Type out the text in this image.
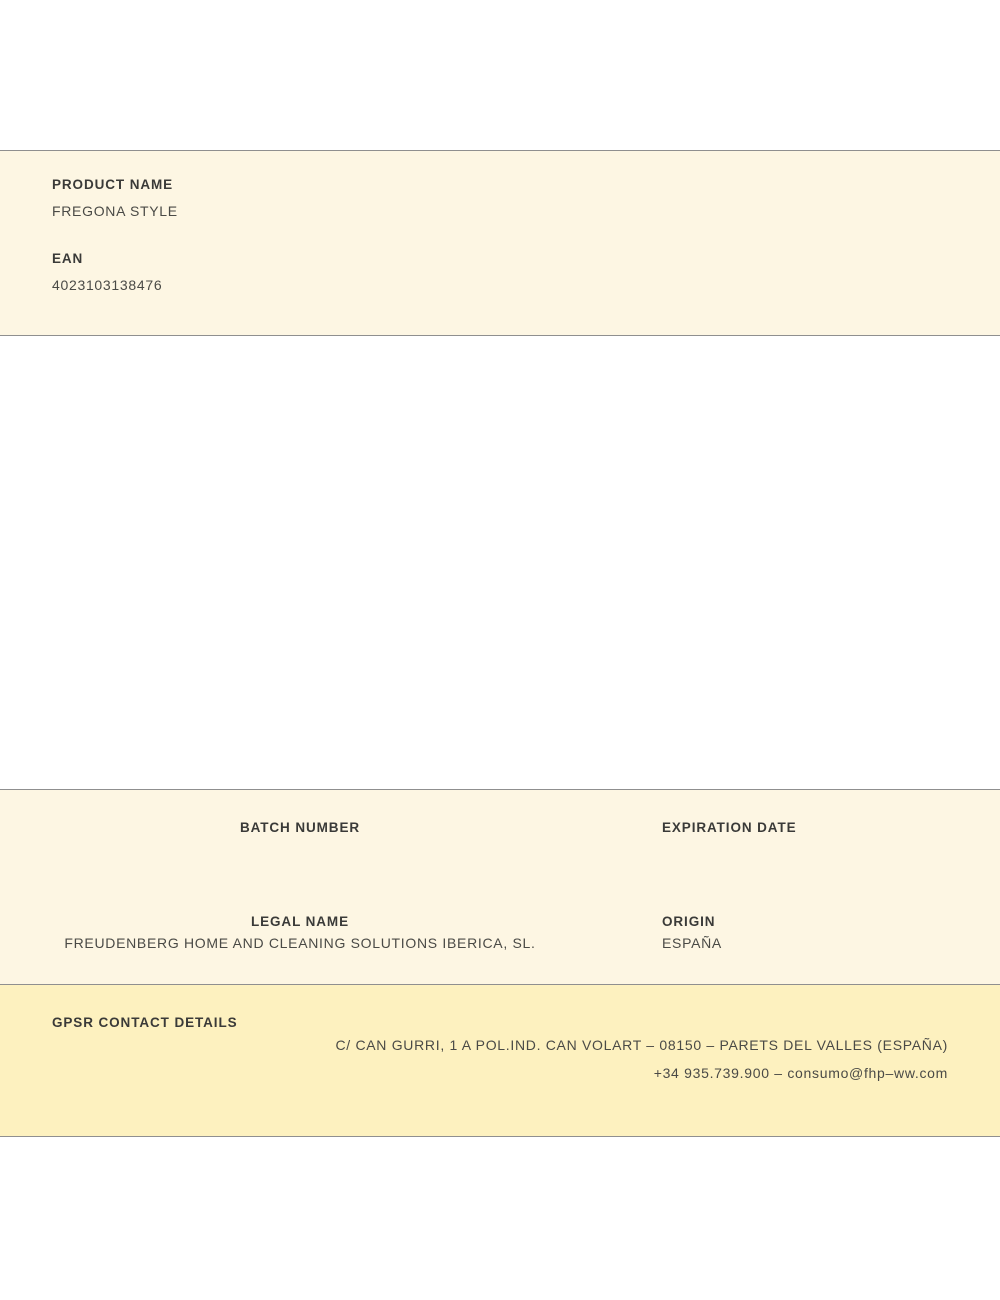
PRODUCT NAME

FREGONA STYLE

EAN

4023103138476

BATCH NUMBER	EXPIRATION DATE

LEGAL NAME

FREUDENBERG HOME AND CLEANING SOLUTIONS IBERICA, SL.

ORIGIN

ESPAÑA

GPSR CONTACT DETAILS

C/ CAN GURRI, 1 A POL.IND. CAN VOLART – 08150 – PARETS DEL VALLES (ESPAÑA)

+34 935.739.900 – consumo@fhp–ww.com
